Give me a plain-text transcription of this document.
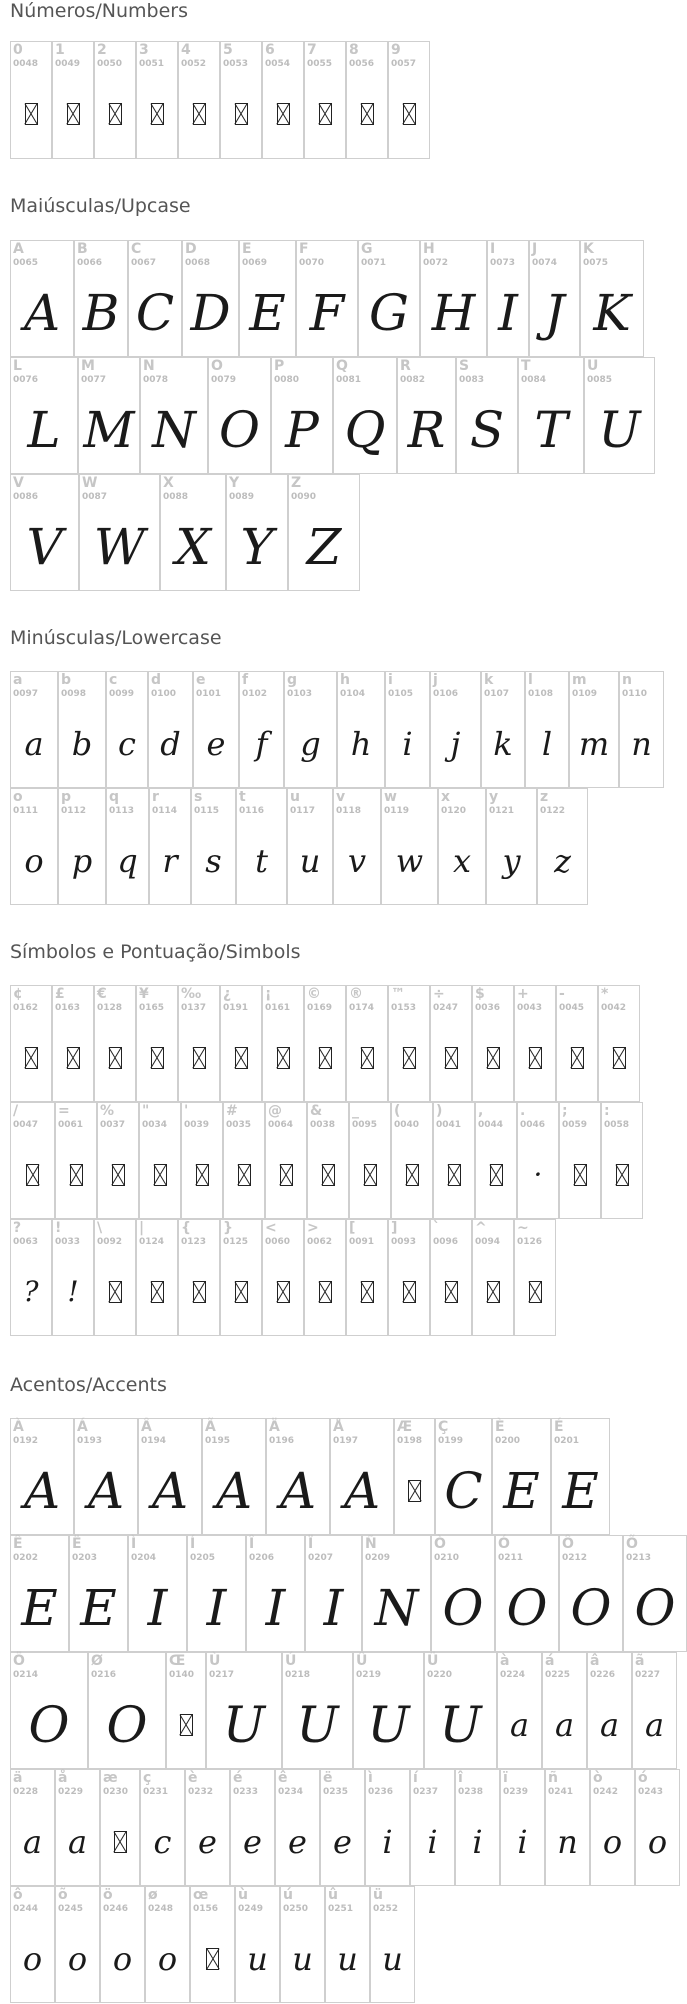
Números/Numbers
0
0048
1
0049
2
0050
3
0051
4
0052
5
0053
6
0054
7
0055
8
0056
9
0057
Maiúsculas/Upcase
A
0065
A
B
0066
B
C
0067
C
D
0068
D
E
0069
E
F
0070
F
G
0071
G
H
0072
H
I
0073
I
J
0074
J
K
0075
K
L
0076
L
M
0077
M
N
0078
N
O
0079
O
P
0080
P
Q
0081
Q
R
0082
R
S
0083
S
T
0084
T
U
0085
U
V
0086
V
W
0087
W
X
0088
X
Y
0089
Y
Z
0090
Z
Minúsculas/Lowercase
a
0097
a
b
0098
b
c
0099
c
d
0100
d
e
0101
e
f
0102
f
g
0103
g
h
0104
h
i
0105
i
j
0106
j
k
0107
k
l
0108
l
m
0109
m
n
0110
n
o
0111
o
p
0112
p
q
0113
q
r
0114
r
s
0115
s
t
0116
t
u
0117
u
v
0118
v
w
0119
w
x
0120
x
y
0121
y
z
0122
z
Símbolos e Pontuação/Simbols
¢
0162
£
0163
€
0128
¥
0165
‰
0137
¿
0191
¡
0161
©
0169
®
0174
™
0153
÷
0247
$
0036
+
0043
-
0045
*
0042
/
0047
=
0061
%
0037
"
0034
'
0039
#
0035
@
0064
&
0038
_
0095
(
0040
)
0041
,
0044
.
0046
·
;
0059
:
0058
?
0063
?
!
0033
!
\
0092
|
0124
{
0123
}
0125
<
0060
>
0062
[
0091
]
0093
`
0096
^
0094
~
0126
Acentos/Accents
À
0192
A
Á
0193
A
Â
0194
A
Ã
0195
A
Ä
0196
A
Å
0197
A
Æ
0198
Ç
0199
C
È
0200
E
É
0201
E
Ê
0202
E
Ë
0203
E
Ì
0204
I
Í
0205
I
Î
0206
I
Ï
0207
I
Ñ
0209
N
Ò
0210
O
Ó
0211
O
Ô
0212
O
Õ
0213
O
Ö
0214
O
Ø
0216
O
Œ
0140
Ù
0217
U
Ú
0218
U
Û
0219
U
Ü
0220
U
à
0224
a
á
0225
a
â
0226
a
ã
0227
a
ä
0228
a
å
0229
a
æ
0230
ç
0231
c
è
0232
e
é
0233
e
ê
0234
e
ë
0235
e
ì
0236
i
í
0237
i
î
0238
i
ï
0239
i
ñ
0241
n
ò
0242
o
ó
0243
o
ô
0244
o
õ
0245
o
ö
0246
o
ø
0248
o
œ
0156
ù
0249
u
ú
0250
u
û
0251
u
ü
0252
u
